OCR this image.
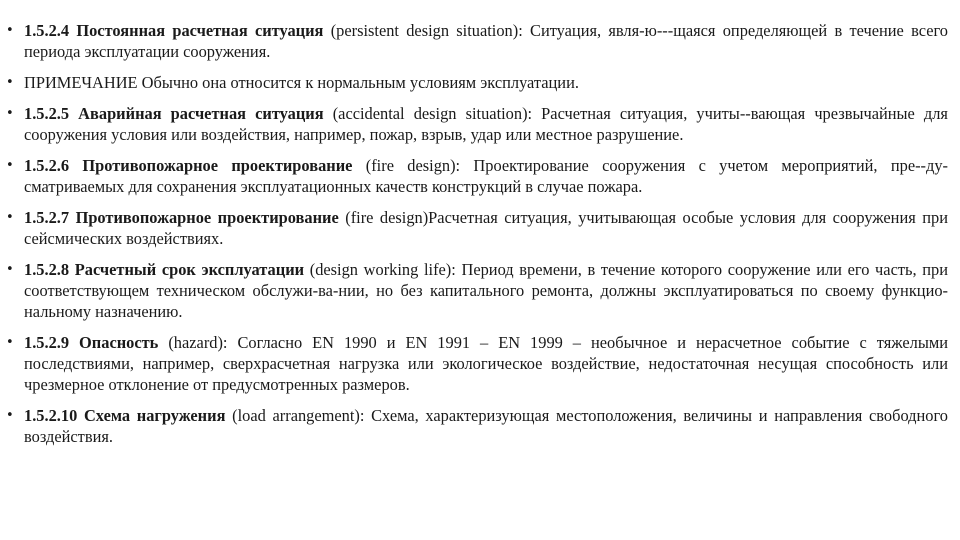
• 1.5.2.4 Постоянная расчетная ситуация (persistent design situation): Ситуация, явля-ю---щаяся определяющей в течение всего периода эксплуатации сооружения.
• ПРИМЕЧАНИЕ Обычно она относится к нормальным условиям эксплуатации.
• 1.5.2.5 Аварийная расчетная ситуация (accidental design situation): Расчетная ситуация, учиты--вающая чрезвычайные для сооружения условия или воздействия, например, пожар, взрыв, удар или местное разрушение.
• 1.5.2.6 Противопожарное проектирование (fire design): Проектирование сооружения с учетом мероприятий, пре--ду-сматриваемых для сохранения эксплуатационных качеств конструкций в случае пожара.
• 1.5.2.7 Противопожарное проектирование (fire design)Расчетная ситуация, учитывающая особые условия для сооружения при сейсмических воздействиях.
• 1.5.2.8 Расчетный срок эксплуатации (design working life): Период времени, в течение которого сооружение или его часть, при соответствующем техническом обслужи-ва-нии, но без капитального ремонта, должны эксплуатироваться по своему функцио-нальному назначению.
• 1.5.2.9 Опасность (hazard): Согласно EN 1990 и EN 1991 – EN 1999 – необычное и нерасчетное событие с тяжелыми последствиями, например, сверхрасчетная нагрузка или экологическое воздействие, недостаточная несущая способность или чрезмерное отклонение от предусмотренных размеров.
• 1.5.2.10 Схема нагружения (load arrangement): Схема, характеризующая местоположения, величины и направления свободного воздействия.
